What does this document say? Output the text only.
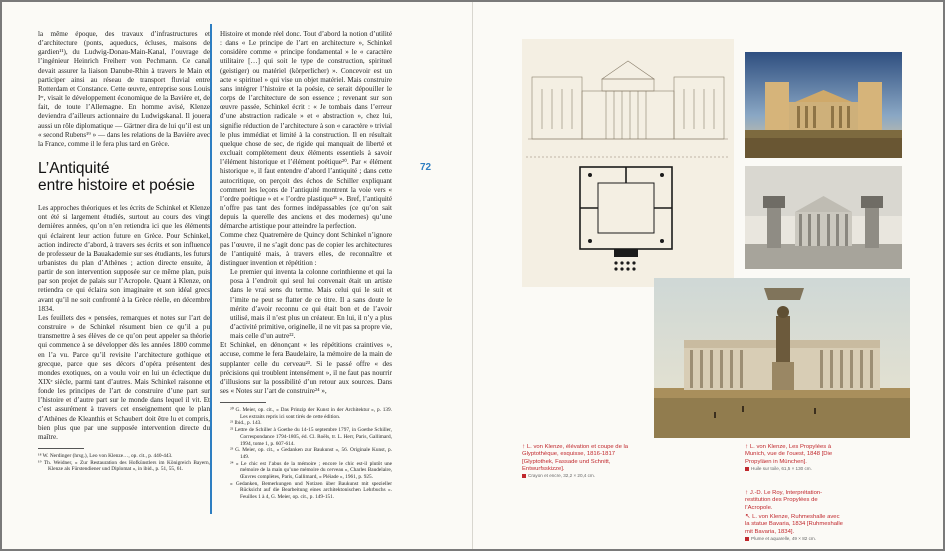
la même époque, des travaux d’infrastructures et d’architecture (ponts, aqueducs, écluses, maisons de gardien¹¹), du Ludwig-Donau-Main-Kanal, l’ouvrage de l’ingénieur Heinrich Freiherr von Pechmann. Ce canal devait assurer la liaison Danube-Rhin à travers le Main et participer ainsi au réseau de transport fluvial entre Rotterdam et Constance. Cette œuvre, entreprise sous Louis Iᵉʳ, visait le développement économique de la Bavière et, de fait, de toute l’Allemagne. En homme avisé, Klenze deviendra d’ailleurs actionnaire du Ludwigskanal. Il jouera aussi un rôle diplomatique — Gärtner dira de lui qu’il est un « second Rubens¹⁹ » — dans les relations de la Bavière avec la France, comme il le fera plus tard en Grèce.

L’Antiquité
entre histoire et poésie

Les approches théoriques et les écrits de Schinkel et Klenze ont été si largement étudiés, surtout au cours des vingt dernières années, qu’on n’en retiendra ici que les éléments qui éclairent leur action future en Grèce. Pour Schinkel, action indirecte d’abord, à travers ses écrits et son influence de professeur de la Bauakademie sur ses étudiants, les futurs urbanistes du plan d’Athènes ; action directe ensuite, à partir de son intervention supposée sur ce même plan, puis par son projet de palais sur l’Acropole. Quant à Klenze, on retiendra ce qui éclaira son imaginaire et son idéal grecs avant qu’il ne soit confronté à la Grèce réelle, en décembre 1834.

Les feuillets des « pensées, remarques et notes sur l’art de construire » de Schinkel résument bien ce qu’il a pu transmettre à ses élèves de ce qu’on peut appeler sa théorie qui commence à se développer dès les années 1800 comme en l’a vu. Parce qu’il revisite l’architecture gothique et grecque, parce que ses décors d’opéra présentent des mondes exotiques, on a voulu voir en lui un éclectique du XIXᵉ siècle, parmi tant d’autres. Mais Schinkel raisonne et fonde les principes de l’art de construire d’une part sur l’histoire et d’autre part sur le monde dans lequel il vit. Et c’est assurément à travers cet enseignement que le plan d’Athènes de Kleanthis et Schaubert doit être lu et compris, bien plus que par une supposée intervention directe du maître.

¹⁸ W. Nerdinger (hrsg.), Leo von Klenze…, op. cit., p. 440-443.

¹⁹ Th. Weidner, « Zur Restauration des Hofkünstlers im Königreich Bayern, Klenze als Fürstendiener und Diplomat », in ibid., p. 51, 55, 61.

Histoire et monde réel donc. Tout d’abord la notion d’utilité : dans « Le principe de l’art en architecture », Schinkel considère comme « principe fondamental » le « caractère utilitaire […] qui soit le type de construction, spirituel (geistiger) ou matériel (körperlicher) ». Concevoir est un acte « spirituel » qui vise un objet matériel. Mais construire sans intégrer l’histoire et la poésie, ce serait dépouiller le corps de l’architecture de son essence ; revenant sur son œuvre passée, Schinkel écrit : « Je tombais dans l’erreur d’une abstraction radicale » et « abstraction », chez lui, signifie réduction de l’architecture à son « caractère » trivial le plus immédiat et limité à la construction. Il en résultait quelque chose de sec, de rigide qui manquait de liberté et excluait complètement deux éléments essentiels à savoir l’élément historique et l’élément poétique²⁰. Par « élément historique », il faut entendre d’abord l’antiquité ; dans cette autocritique, on perçoit des échos de Schiller expliquant comment les leçons de l’antiquité montrent la voie vers « l’ordre poétique » et « l’ordre plastique²¹ ». Bref, l’antiquité n’offre pas tant des formes indépassables (ce qu’on sait depuis la querelle des anciens et des modernes) qu’une démarche artistique pour atteindre la perfection.

Comme chez Quatremère de Quincy dont Schinkel n’ignore pas l’œuvre, il ne s’agit donc pas de copier les architectures de l’antiquité mais, à travers elles, de reconnaître et distinguer invention et répétition :

Le premier qui inventa la colonne corinthienne et qui la posa à l’endroit qui seul lui convenait était un artiste dans le vrai sens du terme. Mais celui qui le suit et l’imite ne peut se flatter de ce titre. Il a sans doute le mérite d’avoir reconnu ce qui était bon et de l’avoir utilisé, mais il n’est plus un créateur. En lui, il n’y a plus d’activité primitive, originelle, il ne vit pas sa propre vie, mais celle d’un autre²².

Et Schinkel, en dénonçant « les répétitions craintives », accuse, comme le fera Baudelaire, la mémoire de la main de supplanter celle du cerveau²³. Si le passé offre « des précisions qui troublent intensément », il ne faut pas nourrir d’illusions sur la possibilité d’un retour aux sources. Dans ses « Notes sur l’art de construire²⁴ »,

²⁰ G. Meier, op. cit., « Das Prinzip der Kunst in der Architektur », p. 139. Les extraits repris ici sont tirés de cette édition.

²¹ Ibid., p. 143.

²² Lettre de Schiller à Goethe du 14-15 septembre 1797, in Goethe Schiller, Correspondance 1794-1805, éd. Cl. Roëls, tr. L. Herr, Paris, Gallimard, 1994, tome 1, p. 607-614.

²³ G. Meier, op. cit., « Gedanken zur Baukunst », 56. Originale Kunst, p. 149.

²⁴ « Le chic est l’abus de la mémoire ; encore le chic est-il plutôt une mémoire de la main qu’une mémoire du cerveau », Charles Baudelaire, Œuvres complètes, Paris, Gallimard, « Pléiade », 1961, p. 925.

« Gedanken, Bemerkungen und Notizen über Baukunst mit spezieller Rücksicht auf die Bearbeitung eines architektonischen Lehrbuchs ». Feuilles 1 à 4, G. Meier, op. cit., p. 149-151.

72
↑ L. von Klenze, élévation et coupe de la Glyptothèque, esquisse, 1816-1817 [Glyptothek, Fassade und Schnitt, Entwurfsskizze].
Crayon et encre, 32,2 × 20,4 cm.
↑ L. von Klenze, Les Propylées à Munich, vue de l’ouest, 1848 [Die Propyläen in München].
Huile sur toile, 61,5 × 130 cm.
↑ J.-D. Le Roy, Interprétation-restitution des Propylées de l’Acropole.
↖ L. von Klenze, Ruhmeshalle avec la statue Bavaria, 1834 [Ruhmeshalle mit Bavaria, 1834].
Plume et aquarelle, 49 × 82 cm.
